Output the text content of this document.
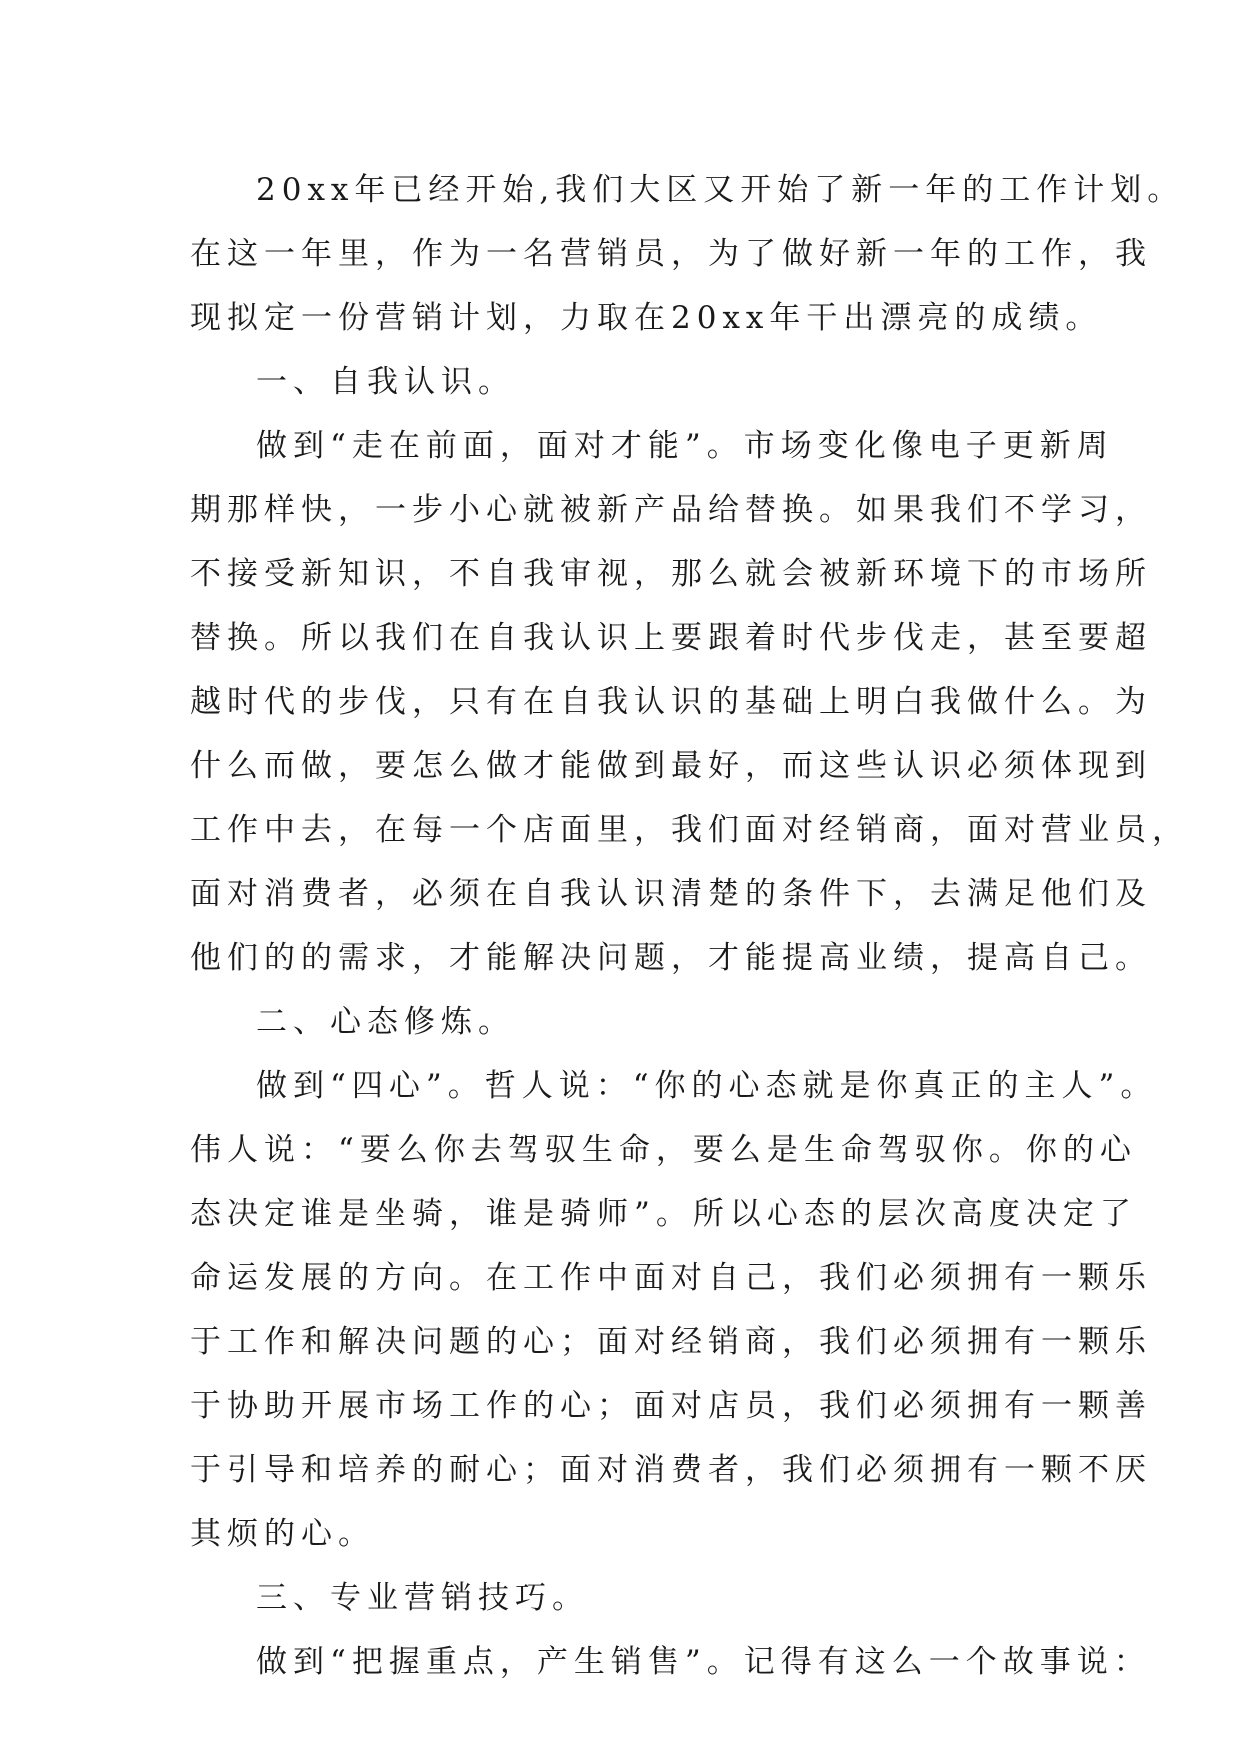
20xx年已经开始,我们大区又开始了新一年的工作计划。
在这一年里，作为一名营销员，为了做好新一年的工作，我
现拟定一份营销计划，力取在20xx年干出漂亮的成绩。
一、自我认识。
做到“走在前面，面对才能”。市场变化像电子更新周
期那样快，一步小心就被新产品给替换。如果我们不学习，
不接受新知识，不自我审视，那么就会被新环境下的市场所
替换。所以我们在自我认识上要跟着时代步伐走，甚至要超
越时代的步伐，只有在自我认识的基础上明白我做什么。为
什么而做，要怎么做才能做到最好，而这些认识必须体现到
工作中去，在每一个店面里，我们面对经销商，面对营业员，
面对消费者，必须在自我认识清楚的条件下，去满足他们及
他们的的需求，才能解决问题，才能提高业绩，提高自己。
二、心态修炼。
做到“四心”。哲人说：“你的心态就是你真正的主人”。
伟人说：“要么你去驾驭生命，要么是生命驾驭你。你的心
态决定谁是坐骑，谁是骑师”。所以心态的层次高度决定了
命运发展的方向。在工作中面对自己，我们必须拥有一颗乐
于工作和解决问题的心；面对经销商，我们必须拥有一颗乐
于协助开展市场工作的心；面对店员，我们必须拥有一颗善
于引导和培养的耐心；面对消费者，我们必须拥有一颗不厌
其烦的心。
三、专业营销技巧。
做到“把握重点，产生销售”。记得有这么一个故事说：
